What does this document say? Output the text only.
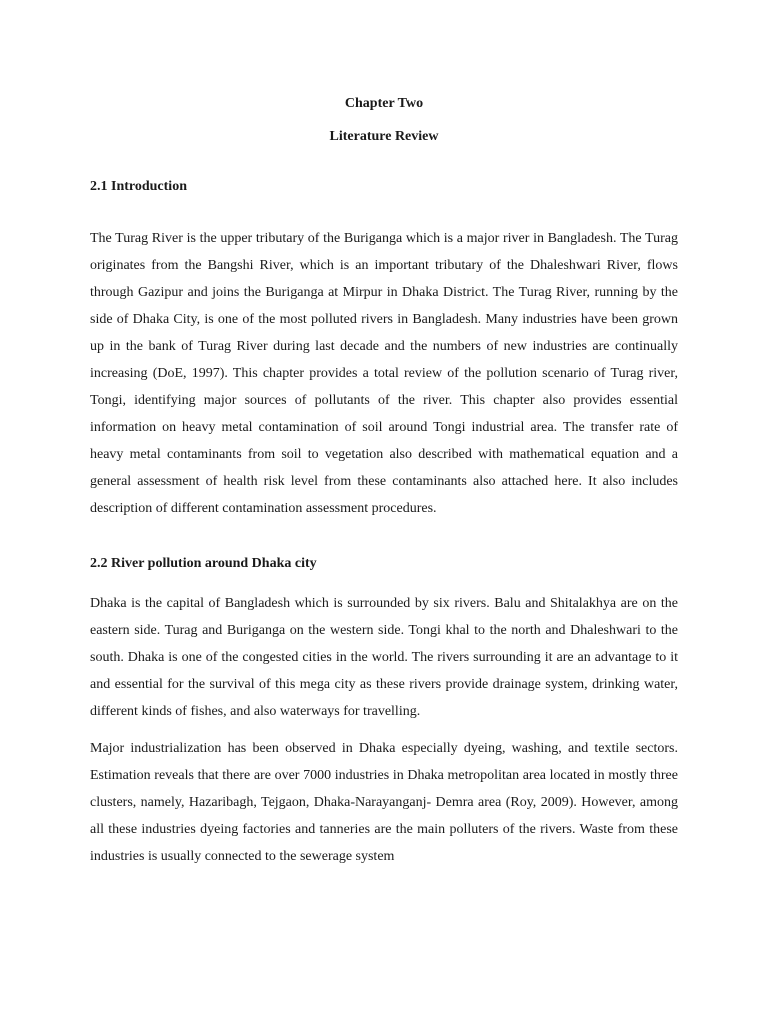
Chapter Two

Literature Review

2.1 Introduction

The Turag River is the upper tributary of the Buriganga which is a major river in Bangladesh. The Turag originates from the Bangshi River, which is an important tributary of the Dhaleshwari River, flows through Gazipur and joins the Buriganga at Mirpur in Dhaka District. The Turag River, running by the side of Dhaka City, is one of the most polluted rivers in Bangladesh. Many industries have been grown up in the bank of Turag River during last decade and the numbers of new industries are continually increasing (DoE, 1997). This chapter provides a total review of the pollution scenario of Turag river, Tongi, identifying major sources of pollutants of the river. This chapter also provides essential information on heavy metal contamination of soil around Tongi industrial area. The transfer rate of heavy metal contaminants from soil to vegetation also described with mathematical equation and a general assessment of health risk level from these contaminants also attached here. It also includes description of different contamination assessment procedures.

2.2 River pollution around Dhaka city

Dhaka is the capital of Bangladesh which is surrounded by six rivers. Balu and Shitalakhya are on the eastern side. Turag and Buriganga on the western side. Tongi khal to the north and Dhaleshwari to the south. Dhaka is one of the congested cities in the world. The rivers surrounding it are an advantage to it and essential for the survival of this mega city as these rivers provide drainage system, drinking water, different kinds of fishes, and also waterways for travelling.

Major industrialization has been observed in Dhaka especially dyeing, washing, and textile sectors. Estimation reveals that there are over 7000 industries in Dhaka metropolitan area located in mostly three clusters, namely, Hazaribagh, Tejgaon, Dhaka-Narayanganj- Demra area (Roy, 2009). However, among all these industries dyeing factories and tanneries are the main polluters of the rivers. Waste from these industries is usually connected to the sewerage system
